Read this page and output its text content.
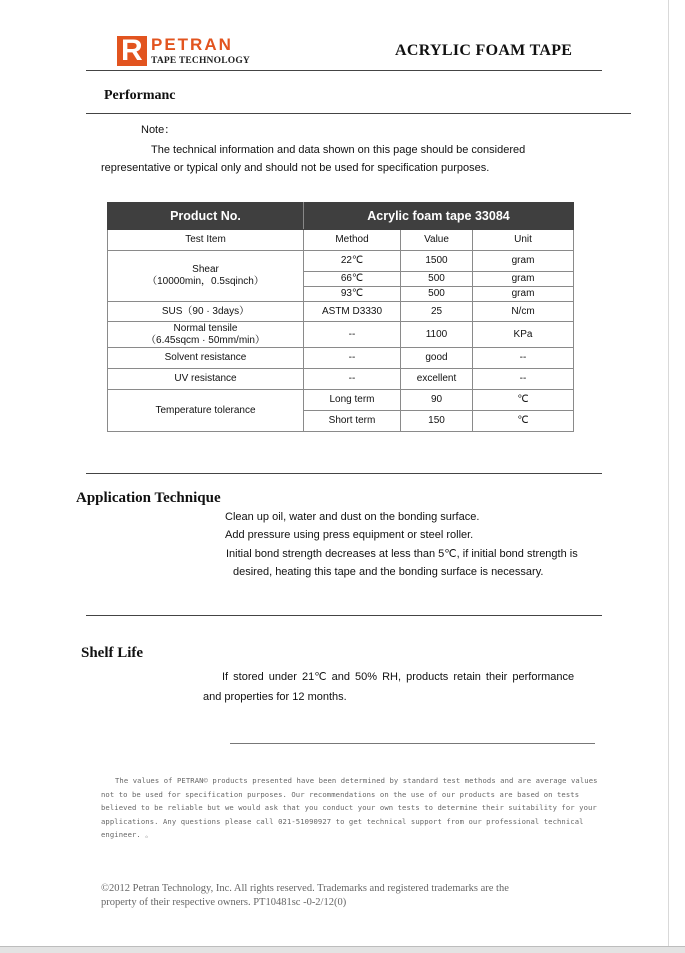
R PETRAN
TAPE TECHNOLOGY
ACRYLIC FOAM TAPE
Performanc
Note：
The technical information and data shown on this page should be considered
representative or typical only and should not be used for specification purposes.
Product No.	Acrylic foam tape 33084		
Test Item	Method	Value	Unit
Shear
（10000min，0.5sqinch）	22℃	1500	gram
	66℃	500	gram
	93℃	500	gram
SUS（90 · 3days）	ASTM D3330	25	N/cm
Normal tensile
（6.45sqcm · 50mm/min）	--	1100	KPa
Solvent resistance	--	good	--
UV resistance	--	excellent	--
Temperature tolerance	Long term	90	℃
	Short term	150	℃
Application Technique
Clean up oil, water and dust on the bonding surface.
Add pressure using press equipment or steel roller.
Initial bond strength decreases at less than 5℃, if initial bond strength is
desired, heating this tape and the bonding surface is necessary.
Shelf Life
If stored under 21℃ and 50% RH, products retain their performance
and properties for 12 months.
The values of PETRAN© products presented have been determined by standard test methods and are average values
not to be used for specification purposes. Our recommendations on the use of our products are based on tests
believed to be reliable but we would ask that you conduct your own tests to determine their suitability for your
applications. Any questions please call 021-51090927 to get technical support from our professional technical
engineer. 。
©2012 Petran Technology, Inc. All rights reserved. Trademarks and registered trademarks are the
property of their respective owners. PT10481sc -0-2/12(0)
